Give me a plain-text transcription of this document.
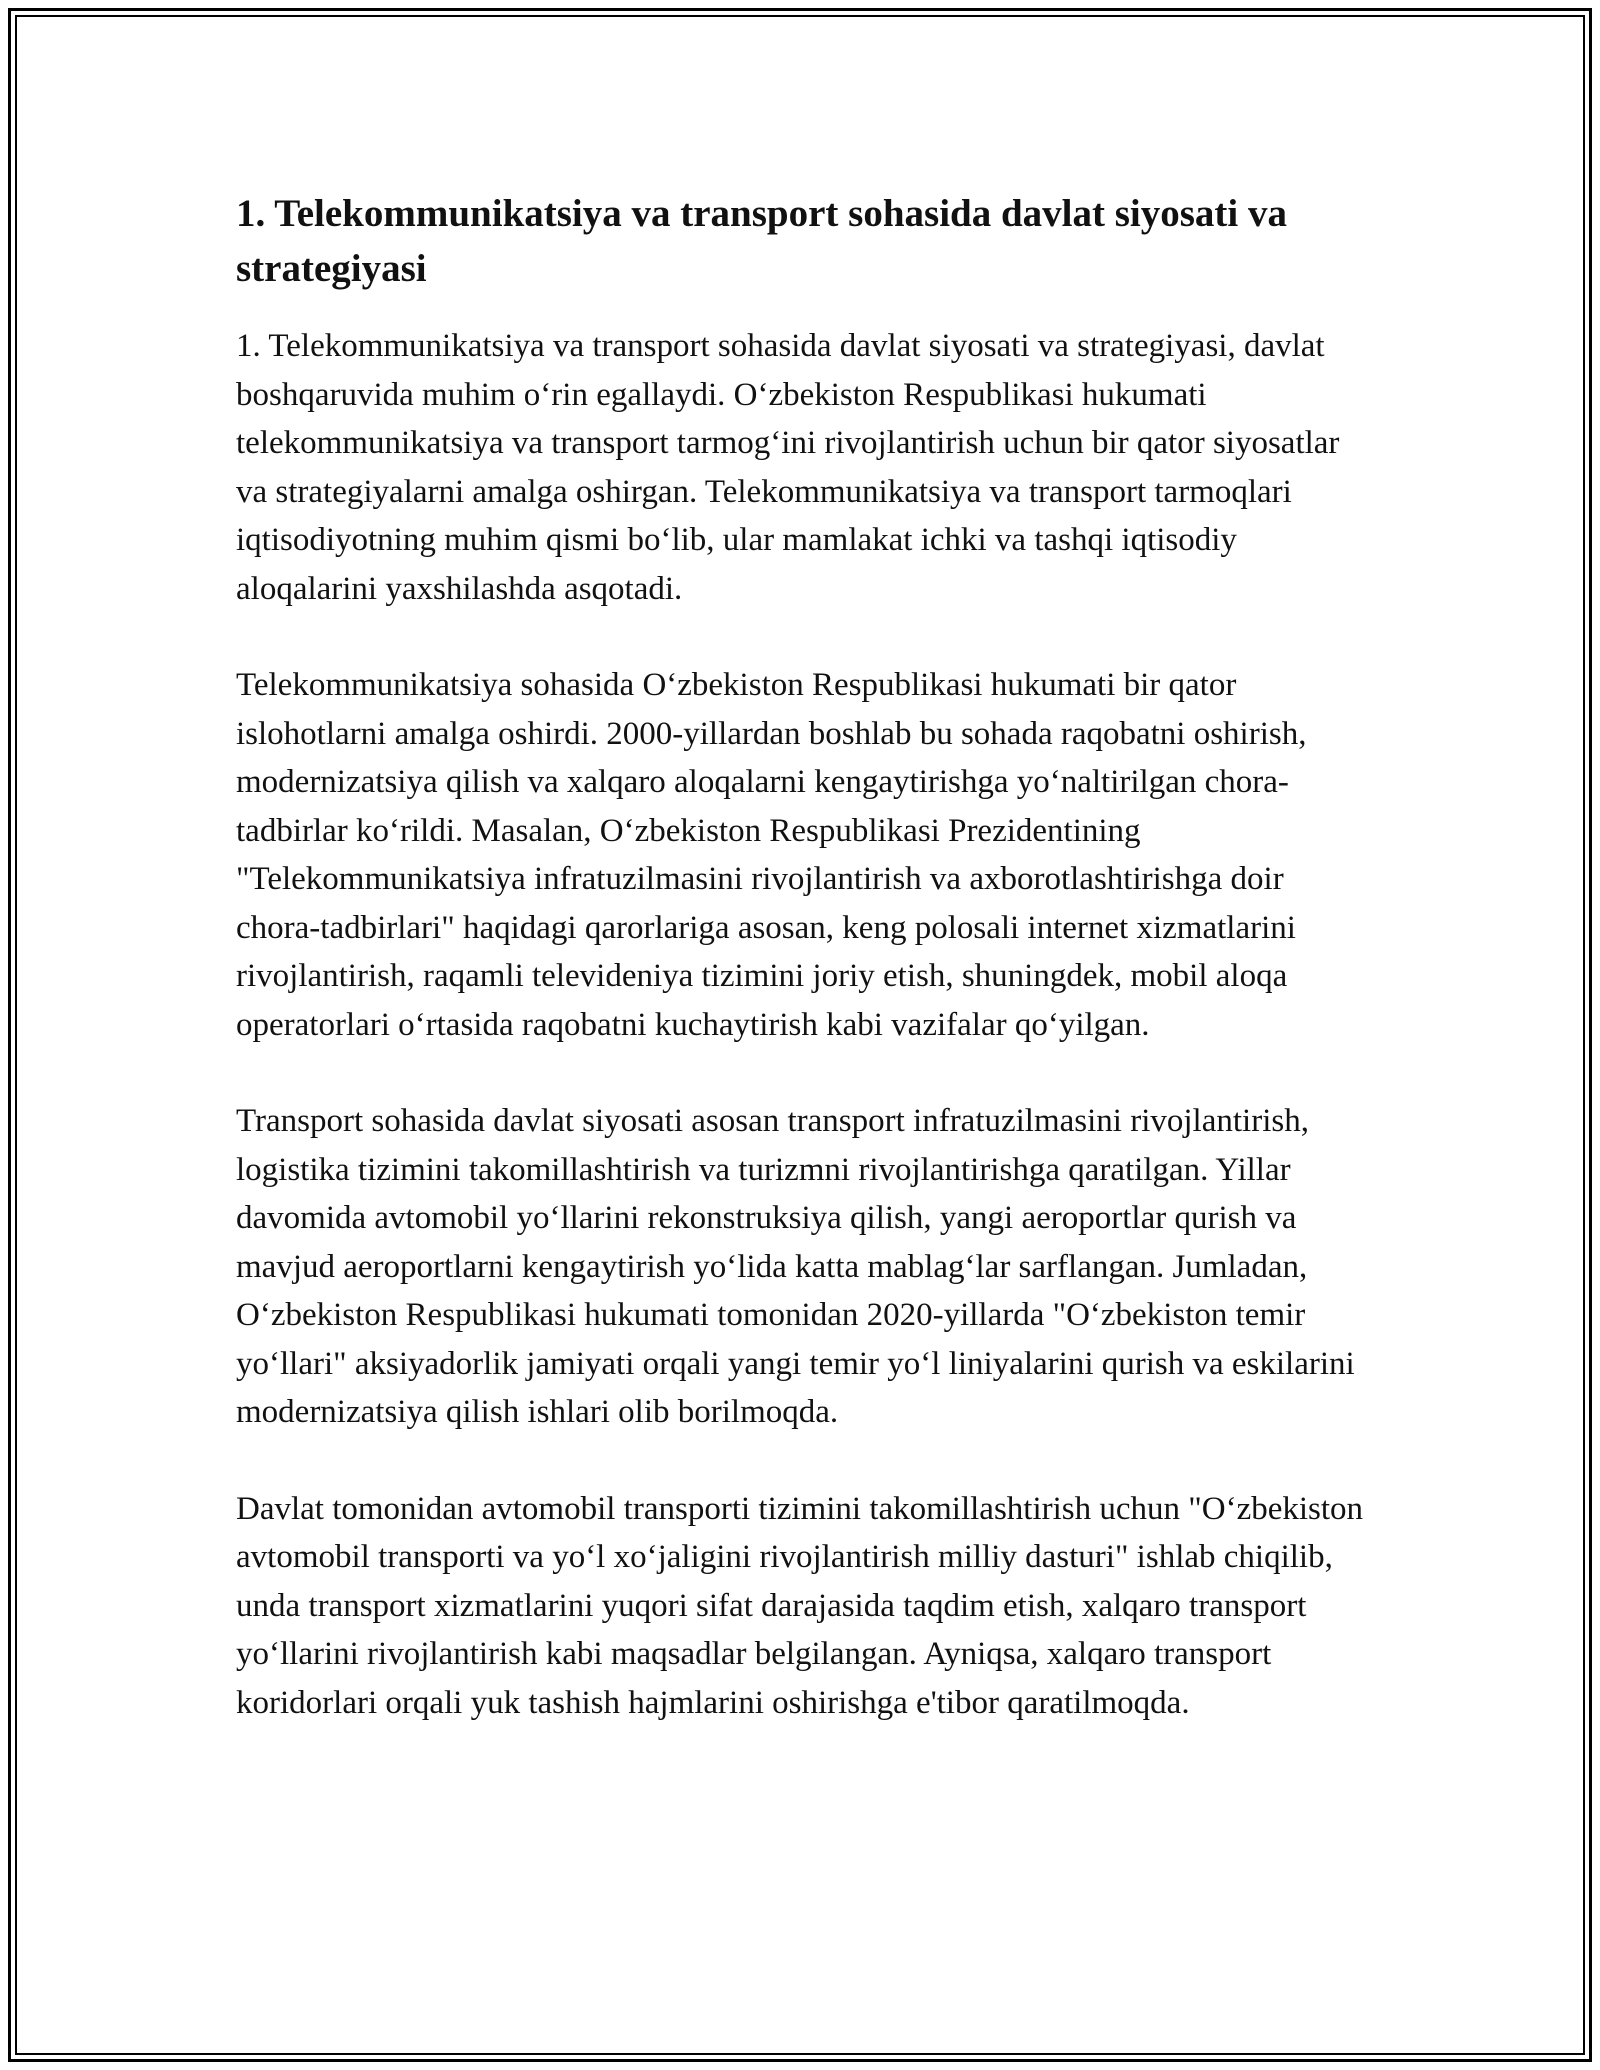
1. Telekommunikatsiya va transport sohasida davlat siyosati va strategiyasi

1. Telekommunikatsiya va transport sohasida davlat siyosati va strategiyasi, davlat boshqaruvida muhim oʻrin egallaydi. Oʻzbekiston Respublikasi hukumati telekommunikatsiya va transport tarmogʻini rivojlantirish uchun bir qator siyosatlar va strategiyalarni amalga oshirgan. Telekommunikatsiya va transport tarmoqlari iqtisodiyotning muhim qismi boʻlib, ular mamlakat ichki va tashqi iqtisodiy aloqalarini yaxshilashda asqotadi.

Telekommunikatsiya sohasida Oʻzbekiston Respublikasi hukumati bir qator islohotlarni amalga oshirdi. 2000-yillardan boshlab bu sohada raqobatni oshirish, modernizatsiya qilish va xalqaro aloqalarni kengaytirishga yoʻnaltirilgan chora-tadbirlar koʻrildi. Masalan, Oʻzbekiston Respublikasi Prezidentining "Telekommunikatsiya infratuzilmasini rivojlantirish va axborotlashtirishga doir chora-tadbirlari" haqidagi qarorlariga asosan, keng polosali internet xizmatlarini rivojlantirish, raqamli televideniya tizimini joriy etish, shuningdek, mobil aloqa operatorlari oʻrtasida raqobatni kuchaytirish kabi vazifalar qoʻyilgan.

Transport sohasida davlat siyosati asosan transport infratuzilmasini rivojlantirish, logistika tizimini takomillashtirish va turizmni rivojlantirishga qaratilgan. Yillar davomida avtomobil yoʻllarini rekonstruksiya qilish, yangi aeroportlar qurish va mavjud aeroportlarni kengaytirish yoʻlida katta mablagʻlar sarflangan. Jumladan, Oʻzbekiston Respublikasi hukumati tomonidan 2020-yillarda "Oʻzbekiston temir yoʻllari" aksiyadorlik jamiyati orqali yangi temir yoʻl liniyalarini qurish va eskilarini modernizatsiya qilish ishlari olib borilmoqda.

Davlat tomonidan avtomobil transporti tizimini takomillashtirish uchun "Oʻzbekiston avtomobil transporti va yoʻl xoʻjaligini rivojlantirish milliy dasturi" ishlab chiqilib, unda transport xizmatlarini yuqori sifat darajasida taqdim etish, xalqaro transport yoʻllarini rivojlantirish kabi maqsadlar belgilangan. Ayniqsa, xalqaro transport koridorlari orqali yuk tashish hajmlarini oshirishga e'tibor qaratilmoqda.
